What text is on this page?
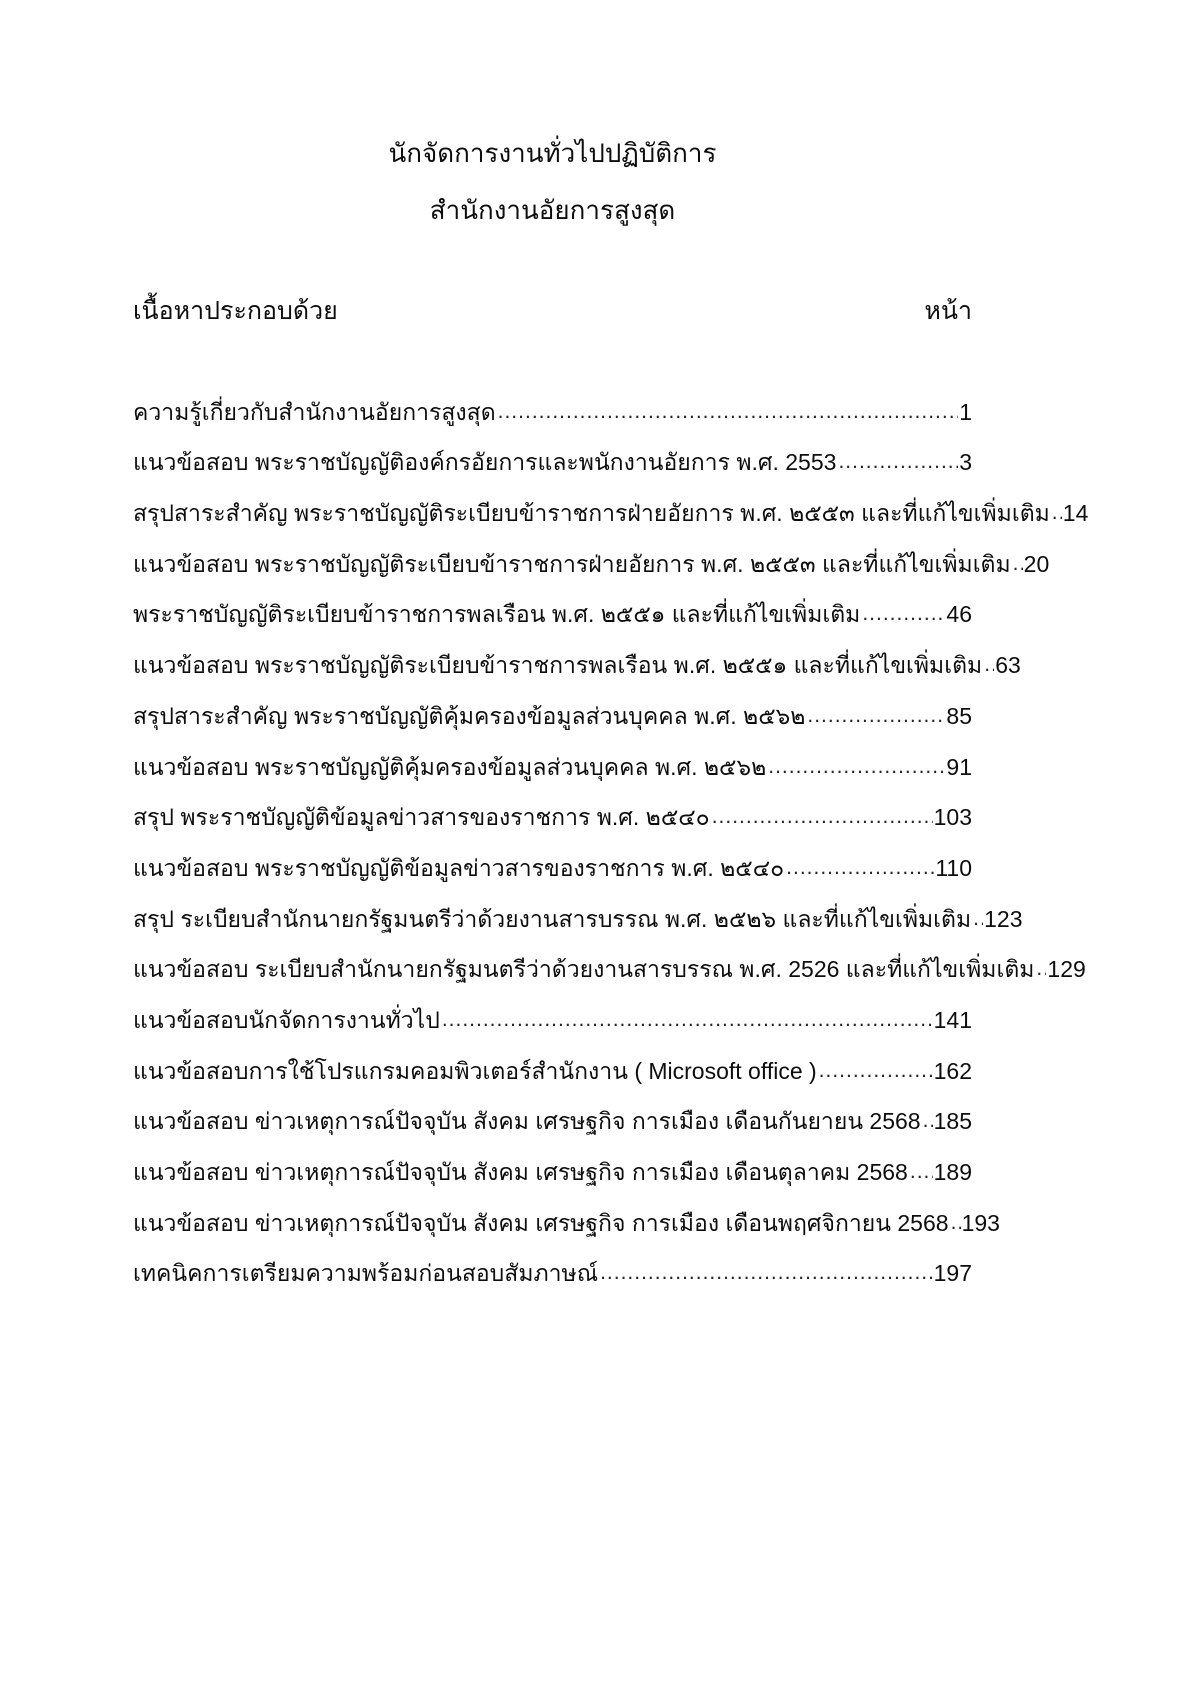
นักจัดการงานทั่วไปปฏิบัติการ
สำนักงานอัยการสูงสุด
เนื้อหาประกอบด้วย	หน้า
ความรู้เกี่ยวกับสำนักงานอัยการสูงสุด .....	1
แนวข้อสอบ พระราชบัญญัติองค์กรอัยการและพนักงานอัยการ พ.ศ. 2553 .....	3
สรุปสาระสำคัญ พระราชบัญญัติระเบียบข้าราชการฝ่ายอัยการ พ.ศ. ๒๕๕๓ และที่แก้ไขเพิ่มเติม ..... 14
แนวข้อสอบ พระราชบัญญัติระเบียบข้าราชการฝ่ายอัยการ พ.ศ. ๒๕๕๓ และที่แก้ไขเพิ่มเติม ..... 20
พระราชบัญญัติระเบียบข้าราชการพลเรือน พ.ศ. ๒๕๕๑ และที่แก้ไขเพิ่มเติม .....	46
แนวข้อสอบ พระราชบัญญัติระเบียบข้าราชการพลเรือน พ.ศ. ๒๕๕๑ และที่แก้ไขเพิ่มเติม ..... 63
สรุปสาระสำคัญ พระราชบัญญัติคุ้มครองข้อมูลส่วนบุคคล พ.ศ. ๒๕๖๒ .....	85
แนวข้อสอบ พระราชบัญญัติคุ้มครองข้อมูลส่วนบุคคล พ.ศ. ๒๕๖๒ .....	91
สรุป พระราชบัญญัติข้อมูลข่าวสารของราชการ พ.ศ. ๒๕๔๐ .....	103
แนวข้อสอบ พระราชบัญญัติข้อมูลข่าวสารของราชการ พ.ศ. ๒๕๔๐ .....	110
สรุป ระเบียบสำนักนายกรัฐมนตรีว่าด้วยงานสารบรรณ พ.ศ. ๒๕๒๖ และที่แก้ไขเพิ่มเติม ..... 123
แนวข้อสอบ ระเบียบสำนักนายกรัฐมนตรีว่าด้วยงานสารบรรณ พ.ศ. 2526 และที่แก้ไขเพิ่มเติม ..... 129
แนวข้อสอบนักจัดการงานทั่วไป .....	141
แนวข้อสอบการใช้โปรแกรมคอมพิวเตอร์สำนักงาน ( Microsoft office ) .....	162
แนวข้อสอบ ข่าวเหตุการณ์ปัจจุบัน สังคม เศรษฐกิจ การเมือง เดือนกันยายน 2568 ..... 185
แนวข้อสอบ ข่าวเหตุการณ์ปัจจุบัน สังคม เศรษฐกิจ การเมือง เดือนตุลาคม 2568 ..... 189
แนวข้อสอบ ข่าวเหตุการณ์ปัจจุบัน สังคม เศรษฐกิจ การเมือง เดือนพฤศจิกายน 2568 ..... 193
เทคนิคการเตรียมความพร้อมก่อนสอบสัมภาษณ์ .....	197
